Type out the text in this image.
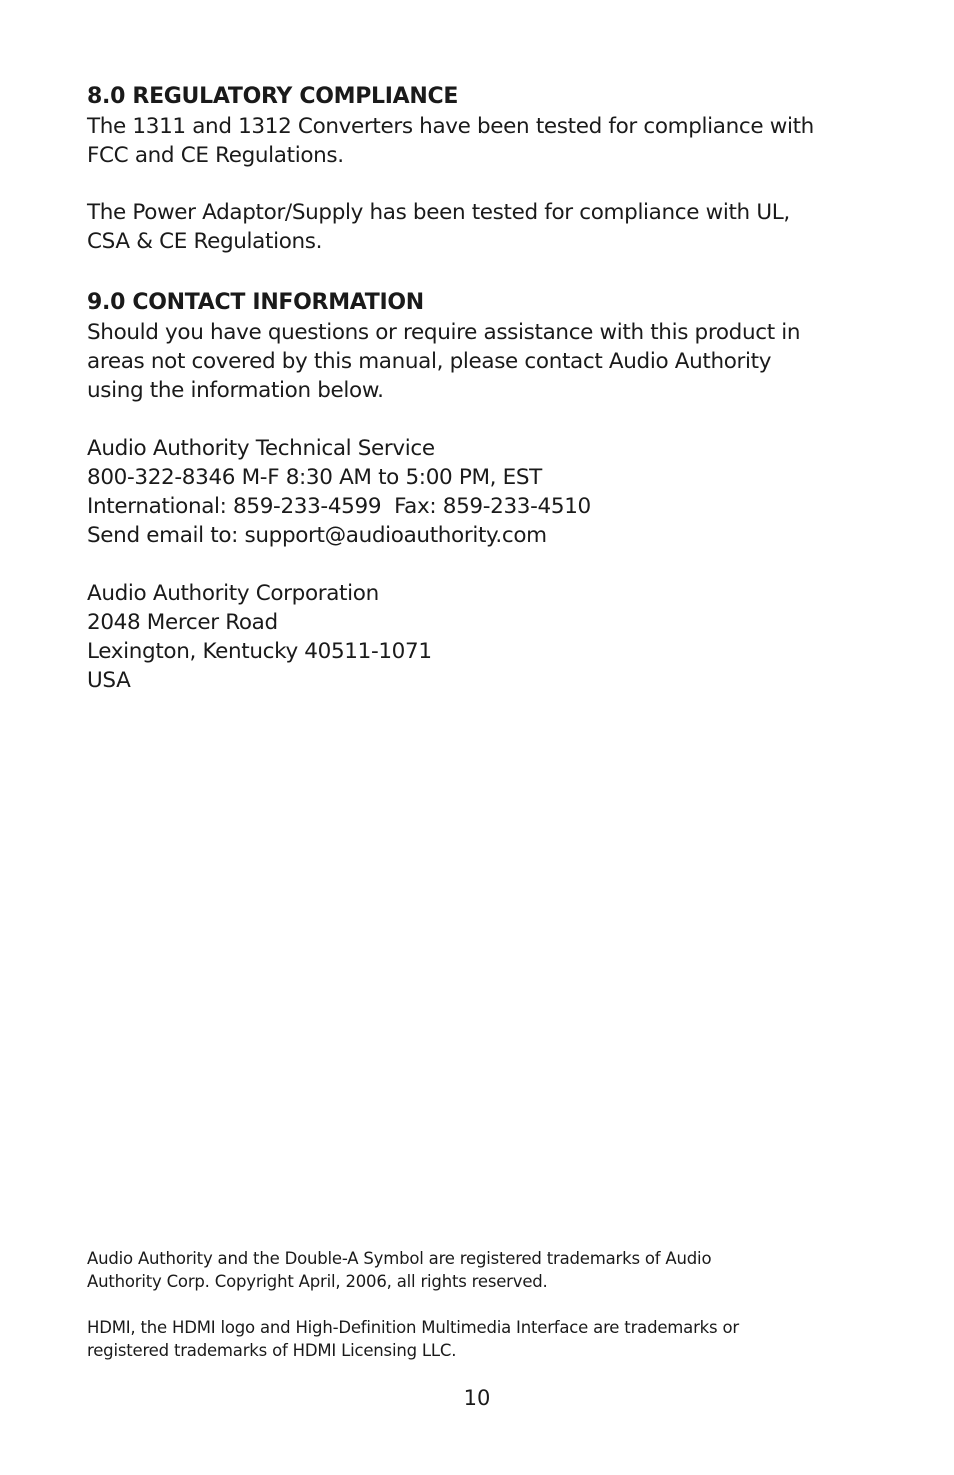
8.0 REGULATORY COMPLIANCE

The 1311 and 1312 Converters have been tested for compliance with
FCC and CE Regulations.

The Power Adaptor/Supply has been tested for compliance with UL,
CSA & CE Regulations.

9.0 CONTACT INFORMATION

Should you have questions or require assistance with this product in
areas not covered by this manual, please contact Audio Authority
using the information below.

Audio Authority Technical Service
800-322-8346 M-F 8:30 AM to 5:00 PM, EST
International: 859-233-4599  Fax: 859-233-4510
Send email to: support@audioauthority.com

Audio Authority Corporation
2048 Mercer Road
Lexington, Kentucky 40511-1071
USA

Audio Authority and the Double-A Symbol are registered trademarks of Audio
Authority Corp. Copyright April, 2006, all rights reserved.

HDMI, the HDMI logo and High-Definition Multimedia Interface are trademarks or
registered trademarks of HDMI Licensing LLC.

10
